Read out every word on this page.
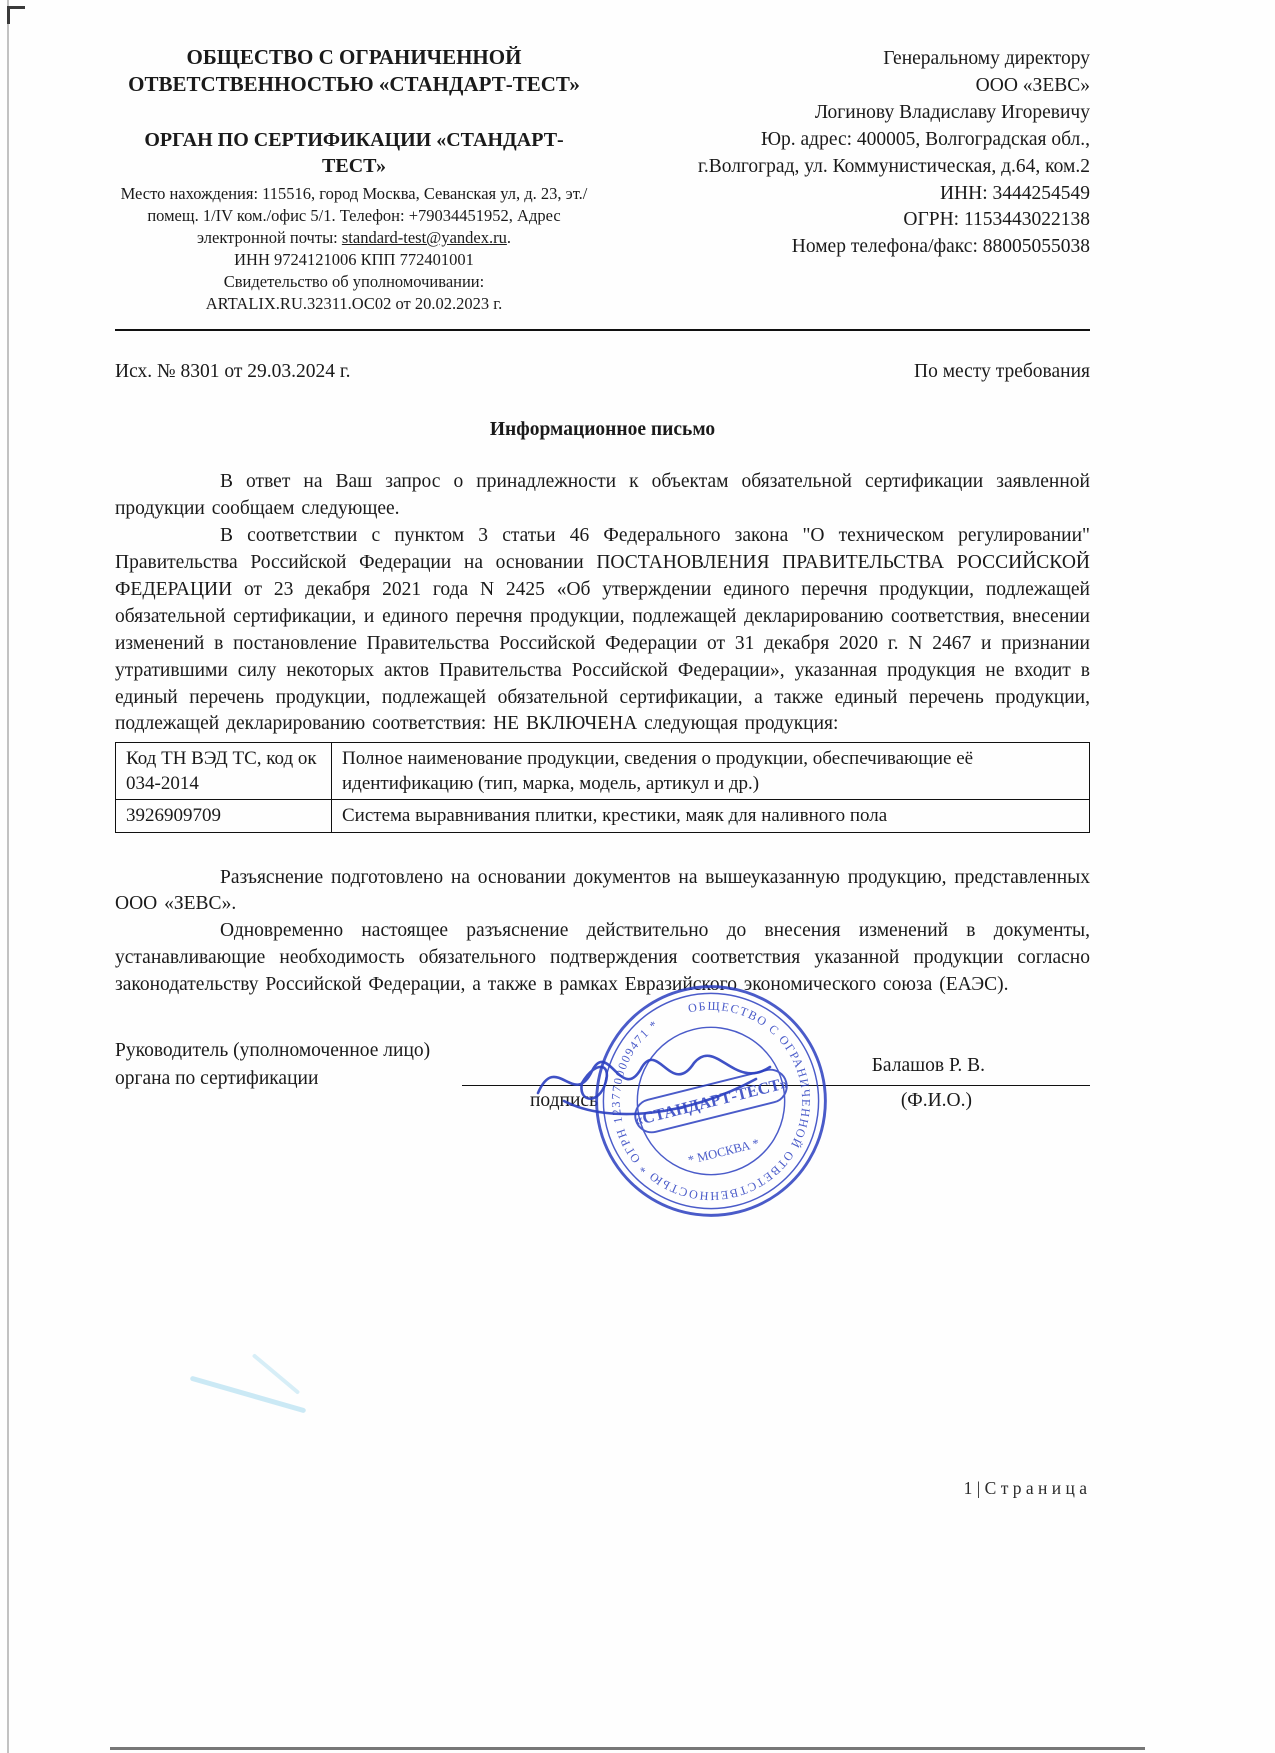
ОБЩЕСТВО С ОГРАНИЧЕННОЙ ОТВЕТСТВЕННОСТЬЮ «СТАНДАРТ-ТЕСТ»
ОРГАН ПО СЕРТИФИКАЦИИ «СТАНДАРТ-ТЕСТ»
Место нахождения: 115516, город Москва, Севанская ул, д. 23, эт./помещ. 1/IV ком./офис 5/1. Телефон: +79034451952, Адрес электронной почты: standard-test@yandex.ru.
ИНН 9724121006 КПП 772401001
Свидетельство об уполномочивании:
ARTALIX.RU.32311.ОС02 от 20.02.2023 г.
Генеральному директору
ООО «ЗЕВС»
Логинову Владиславу Игоревичу
Юр. адрес: 400005, Волгоградская обл.,
г.Волгоград, ул. Коммунистическая, д.64, ком.2
ИНН: 3444254549
ОГРН: 1153443022138
Номер телефона/факс: 88005055038
Исх. № 8301 от 29.03.2024 г.	По месту требования
Информационное письмо

В ответ на Ваш запрос о принадлежности к объектам обязательной сертификации заявленной продукции сообщаем следующее.

В соответствии с пунктом 3 статьи 46 Федерального закона "О техническом регулировании" Правительства Российской Федерации на основании ПОСТАНОВЛЕНИЯ ПРАВИТЕЛЬСТВА РОССИЙСКОЙ ФЕДЕРАЦИИ от 23 декабря 2021 года N 2425 «Об утверждении единого перечня продукции, подлежащей обязательной сертификации, и единого перечня продукции, подлежащей декларированию соответствия, внесении изменений в постановление Правительства Российской Федерации от 31 декабря 2020 г. N 2467 и признании утратившими силу некоторых актов Правительства Российской Федерации», указанная продукция не входит в единый перечень продукции, подлежащей обязательной сертификации, а также единый перечень продукции, подлежащей декларированию соответствия: НЕ ВКЛЮЧЕНА следующая продукция:

Код ТН ВЭД ТС, код ок 034-2014	Полное наименование продукции, сведения о продукции, обеспечивающие её идентификацию (тип, марка, модель, артикул и др.)
3926909709	Система выравнивания плитки, крестики, маяк для наливного пола

Разъяснение подготовлено на основании документов на вышеуказанную продукцию, представленных ООО «ЗЕВС».

Одновременно настоящее разъяснение действительно до внесения изменений в документы, устанавливающие необходимость обязательного подтверждения соответствия указанной продукции согласно законодательству Российской Федерации, а также в рамках Евразийского экономического союза (ЕАЭС).

Руководитель (уполномоченное лицо) органа по сертификации
Балашов Р. В.
подпись	(Ф.И.О.)
ОБЩЕСТВО С ОГРАНИЧЕННОЙ ОТВЕТСТВЕННОСТЬЮ * ОГРН 1237700009471 *
«СТАНДАРТ-ТЕСТ»
* МОСКВА *
1 | С т р а н и ц а
